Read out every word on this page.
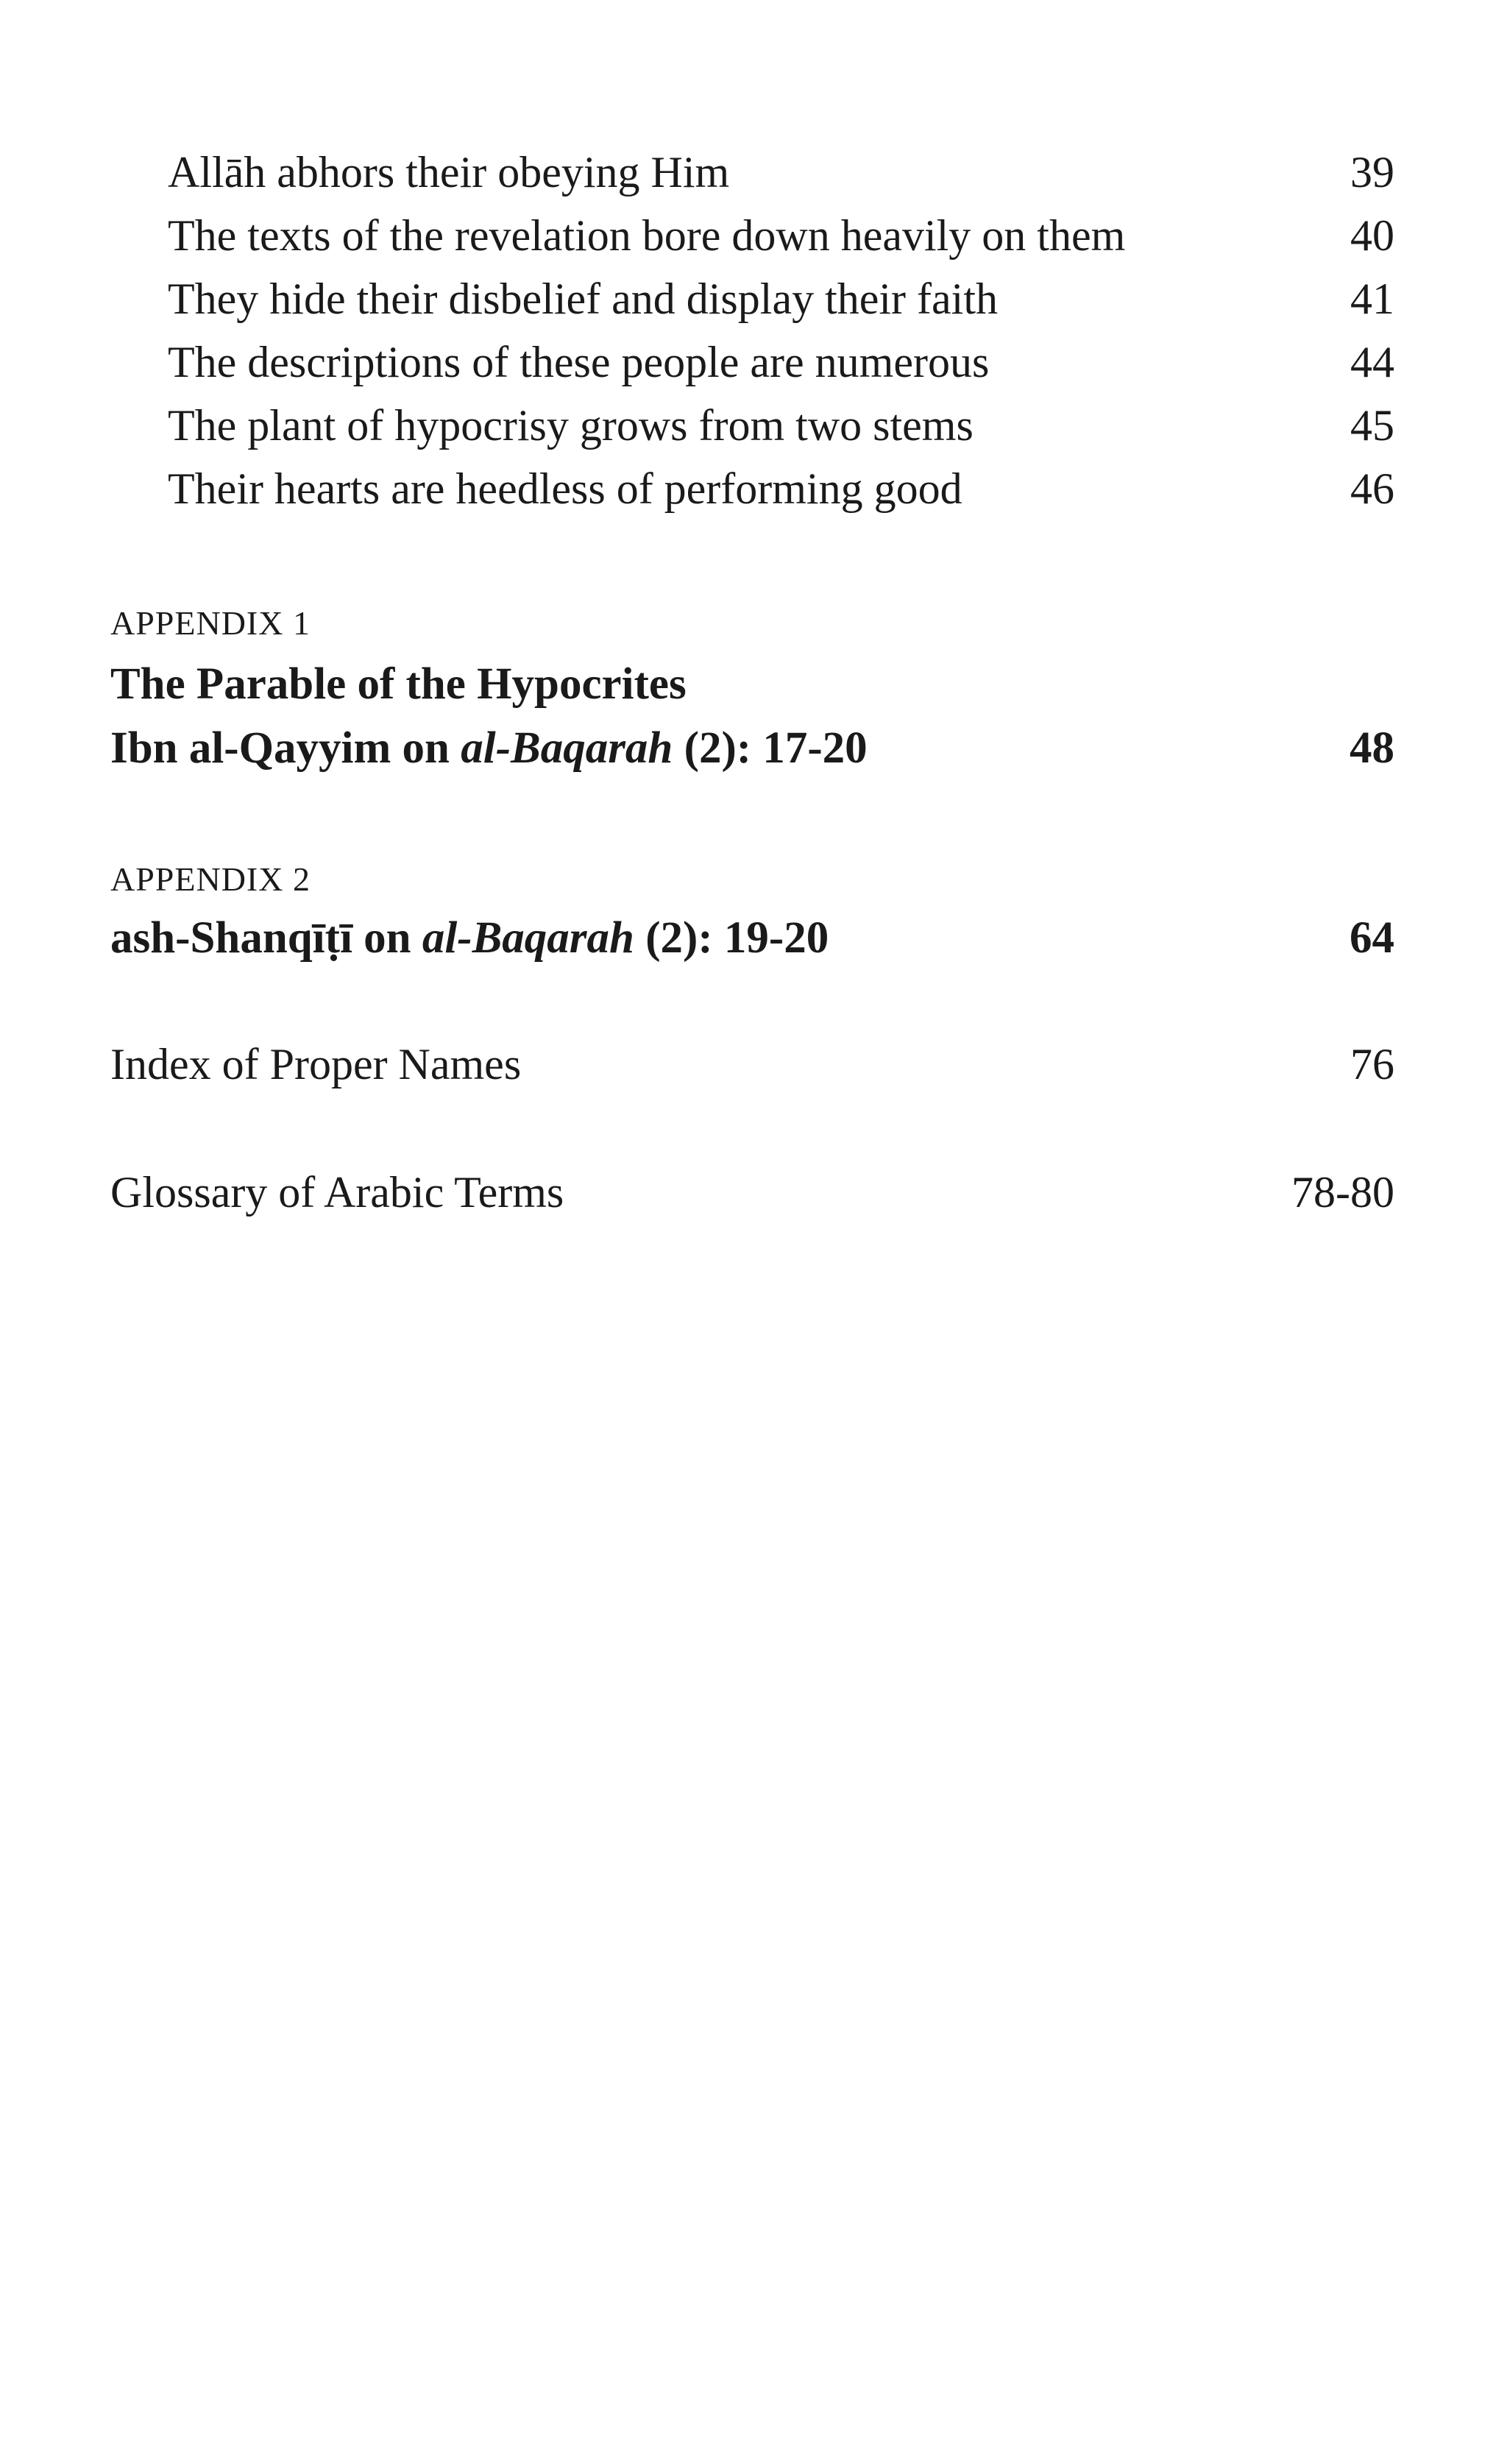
Allāh abhors their obeying Him	39
The texts of the revelation bore down heavily on them	40
They hide their disbelief and display their faith	41
The descriptions of these people are numerous	44
The plant of hypocrisy grows from two stems	45
Their hearts are heedless of performing good	46
APPENDIX 1
The Parable of the Hypocrites
Ibn al-Qayyim on al-Baqarah (2): 17-20	48
APPENDIX 2
ash-Shanqīṭī on al-Baqarah (2): 19-20	64
Index of Proper Names	76
Glossary of Arabic Terms	78-80
